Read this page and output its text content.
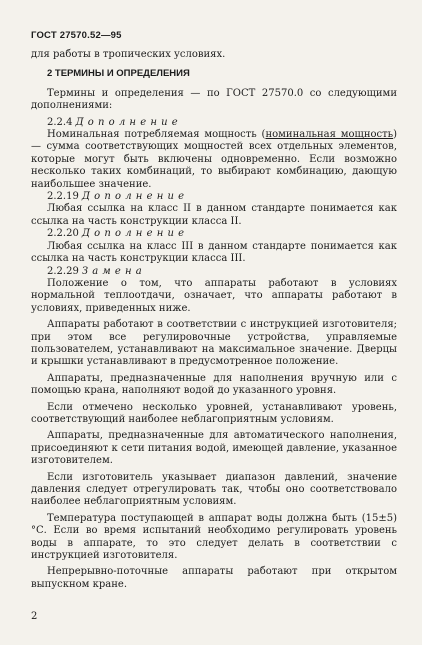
ГОСТ 27570.52—95

для работы в тропических условиях.

2 ТЕРМИНЫ И ОПРЕДЕЛЕНИЯ

Термины и определения — по ГОСТ 27570.0 со следующими дополнениями:

2.2.4 Дополнение

Номинальная потребляемая мощность (номинальная мощность) — сумма соответствующих мощностей всех отдельных элементов, которые могут быть включены одновременно. Если возможно несколько таких комбинаций, то выбирают комбинацию, дающую наибольшее значение.

2.2.19 Дополнение

Любая ссылка на класс II в данном стандарте понимается как ссылка на часть конструкции класса II.

2.2.20 Дополнение

Любая ссылка на класс III в данном стандарте понимается как ссылка на часть конструкции класса III.

2.2.29 Замена

Положение о том, что аппараты работают в условиях нормальной теплоотдачи, означает, что аппараты работают в условиях, приведенных ниже.

Аппараты работают в соответствии с инструкцией изготовителя; при этом все регулировочные устройства, управляемые пользователем, устанавливают на максимальное значение. Дверцы и крышки устанавливают в предусмотренное положение.

Аппараты, предназначенные для наполнения вручную или с помощью крана, наполняют водой до указанного уровня.

Если отмечено несколько уровней, устанавливают уровень, соответствующий наиболее неблагоприятным условиям.

Аппараты, предназначенные для автоматического наполнения, присоединяют к сети питания водой, имеющей давление, указанное изготовителем.

Если изготовитель указывает диапазон давлений, значение давления следует отрегулировать так, чтобы оно соответствовало наиболее неблагоприятным условиям.

Температура поступающей в аппарат воды должна быть (15±5) °С. Если во время испытаний необходимо регулировать уровень воды в аппарате, то это следует делать в соответствии с инструкцией изготовителя.

Непрерывно-поточные аппараты работают при открытом выпускном кране.

2
